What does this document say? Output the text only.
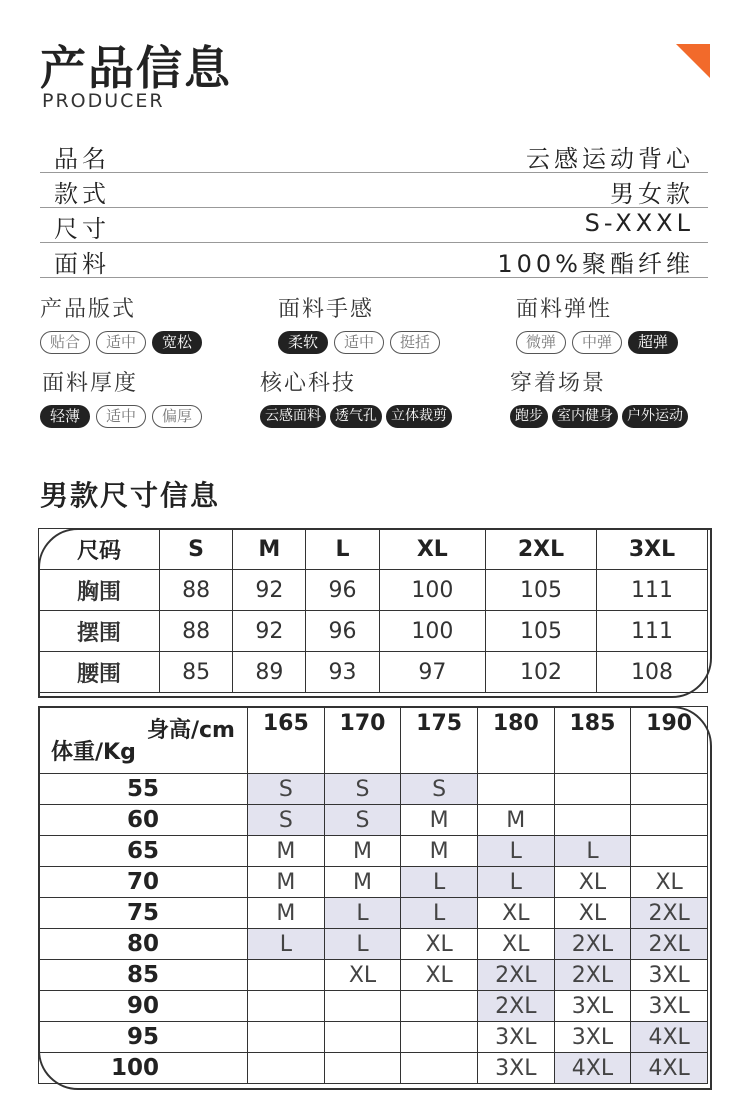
产品信息
PRODUCER
品名	云感运动背心
款式	男女款
尺寸	S-XXXL
面料	100%聚酯纤维
产品版式
贴合	适中	宽松
面料手感
柔软	适中	挺括
面料弹性
微弹	中弹	超弹
面料厚度
轻薄	适中	偏厚
核心科技
云感面料	透气孔	立体裁剪
穿着场景
跑步	室内健身	户外运动
男款尺寸信息
尺码	S	M	L	XL	2XL	3XL
胸围	88	92	96	100	105	111
摆围	88	92	96	100	105	111
腰围	85	89	93	97	102	108
身高/cm
体重/Kg	165	170	175	180	185	190
55	S	S	S			
60	S	S	M	M		
65	M	M	M	L	L	
70	M	M	L	L	XL	XL
75	M	L	L	XL	XL	2XL
80	L	L	XL	XL	2XL	2XL
85		XL	XL	2XL	2XL	3XL
90				2XL	3XL	3XL
95				3XL	3XL	4XL
100				3XL	4XL	4XL
